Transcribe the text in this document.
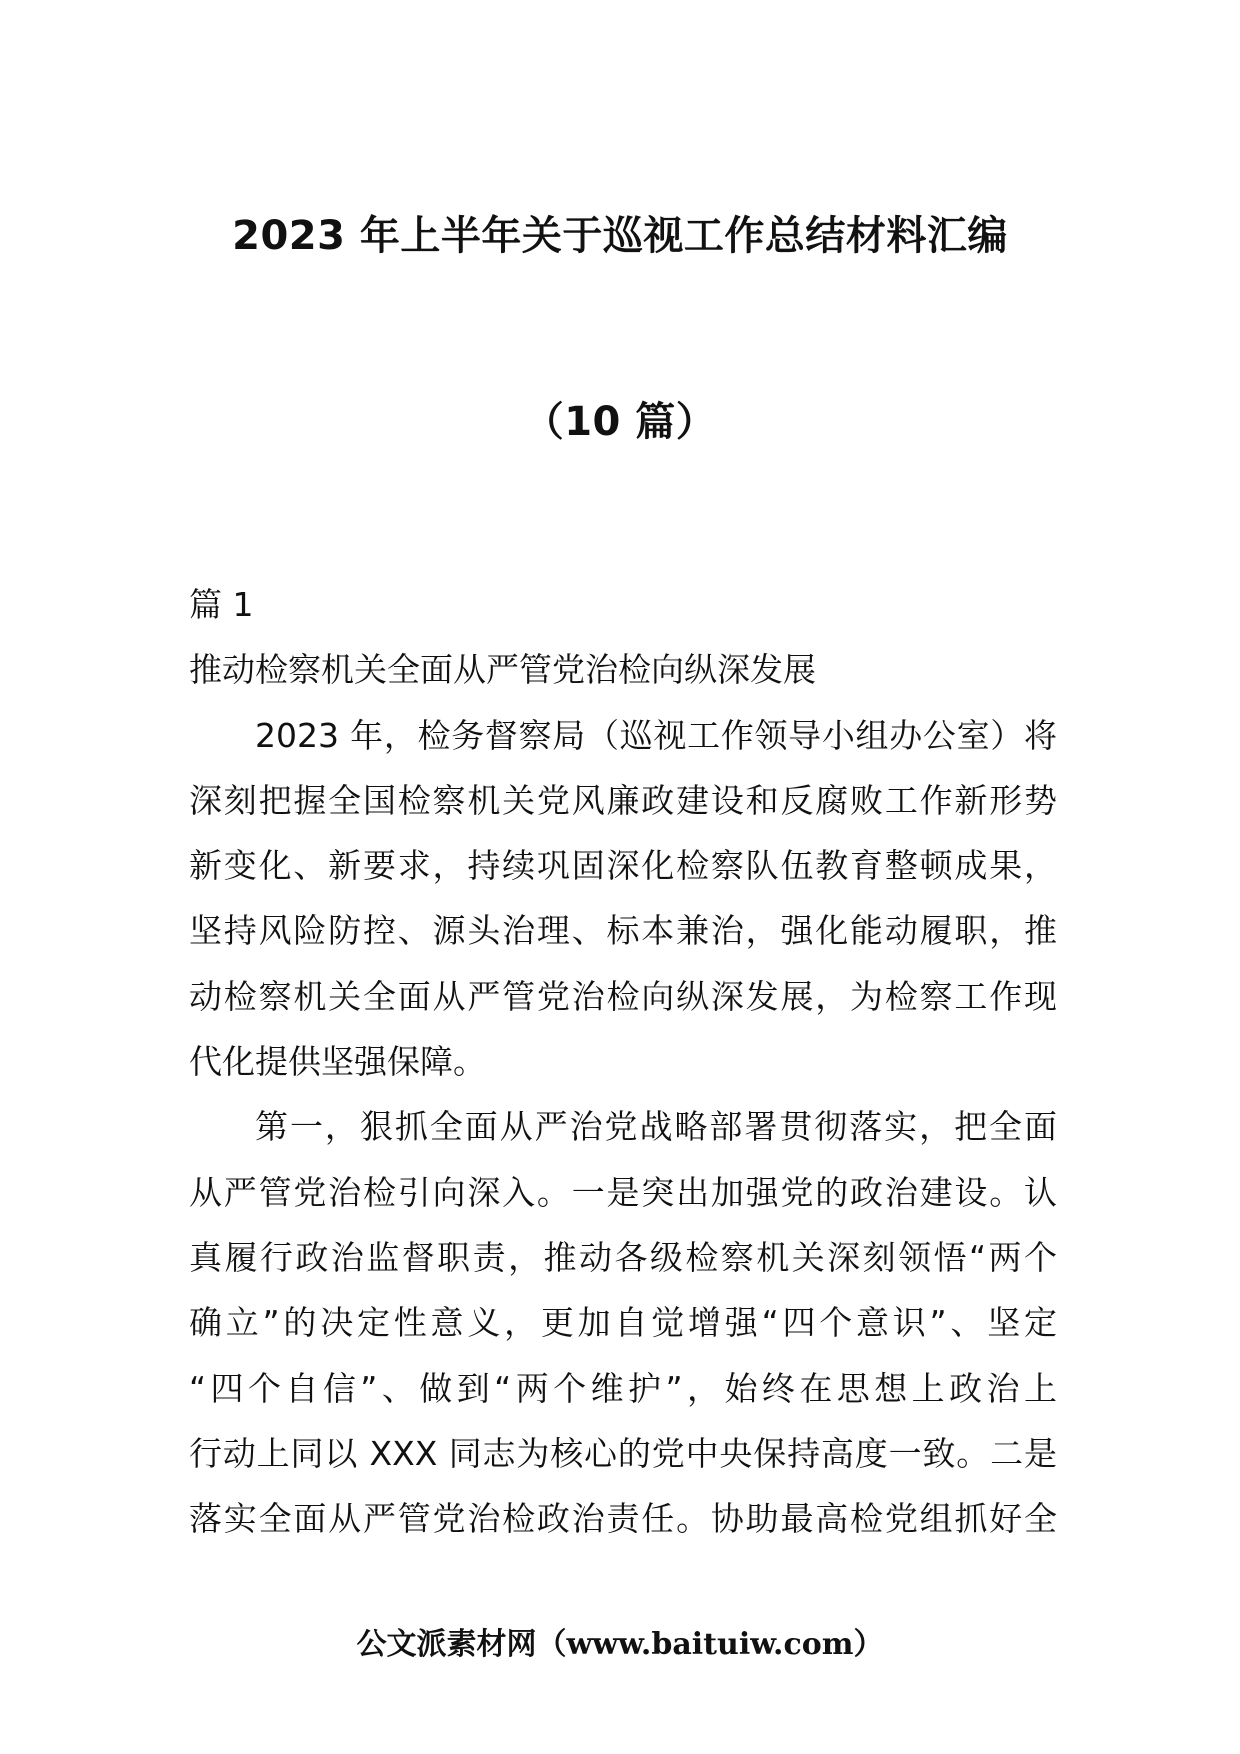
2023 年上半年关于巡视工作总结材料汇编
（10 篇）
篇 1
推动检察机关全面从严管党治检向纵深发展
2023 年，检务督察局（巡视工作领导小组办公室）将
深刻把握全国检察机关党风廉政建设和反腐败工作新形势
新变化、新要求，持续巩固深化检察队伍教育整顿成果，
坚持风险防控、源头治理、标本兼治，强化能动履职，推
动检察机关全面从严管党治检向纵深发展，为检察工作现
代化提供坚强保障。
第一，狠抓全面从严治党战略部署贯彻落实，把全面
从严管党治检引向深入。一是突出加强党的政治建设。认
真履行政治监督职责，推动各级检察机关深刻领悟“两个
确立”的决定性意义，更加自觉增强“四个意识”、坚定
“四个自信”、做到“两个维护”，始终在思想上政治上
行动上同以 XXX 同志为核心的党中央保持高度一致。二是
落实全面从严管党治检政治责任。协助最高检党组抓好全
公文派素材网（www.baituiw.com）
